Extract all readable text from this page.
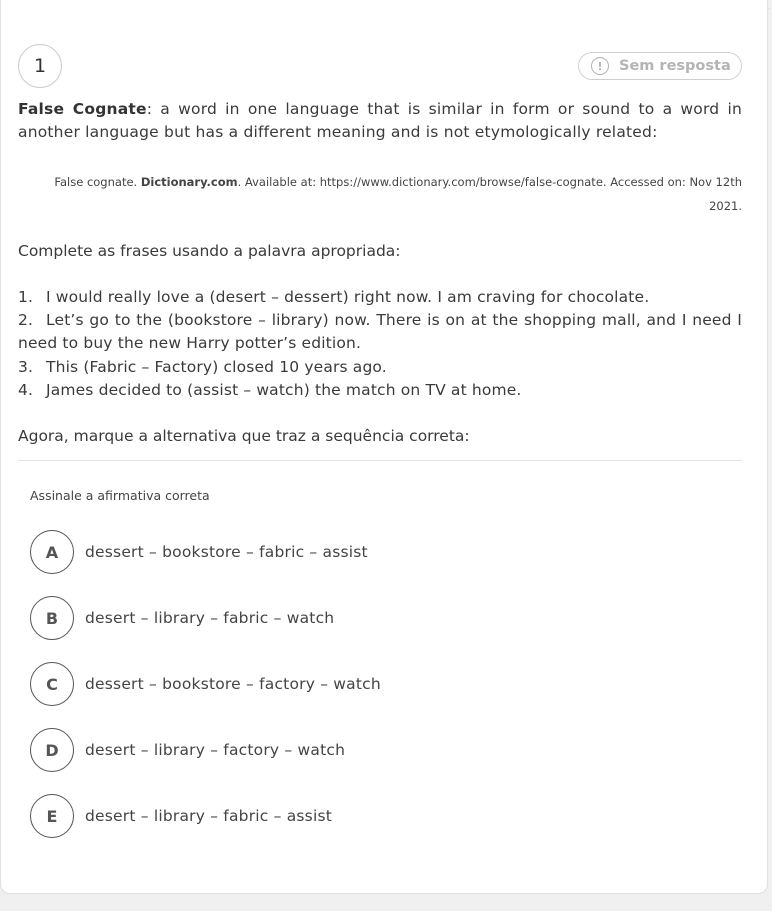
1	!	Sem resposta

False Cognate: a word in one language that is similar in form or sound to a word in another language but has a different meaning and is not etymologically related:

False cognate. Dictionary.com. Available at: https://www.dictionary.com/browse/false-cognate. Accessed on: Nov 12th 2021.

Complete as frases usando a palavra apropriada:

1. I would really love a (desert – dessert) right now. I am craving for chocolate.
2. Let’s go to the (bookstore – library) now. There is on at the shopping mall, and I need I need to buy the new Harry potter’s edition.
3. This (Fabric – Factory) closed 10 years ago.
4. James decided to (assist – watch) the match on TV at home.

Agora, marque a alternativa que traz a sequência correta:

Assinale a afirmativa correta

A	dessert – bookstore – fabric – assist
B	desert – library – fabric – watch
C	dessert – bookstore – factory – watch
D	desert – library – factory – watch
E	desert – library – fabric – assist
